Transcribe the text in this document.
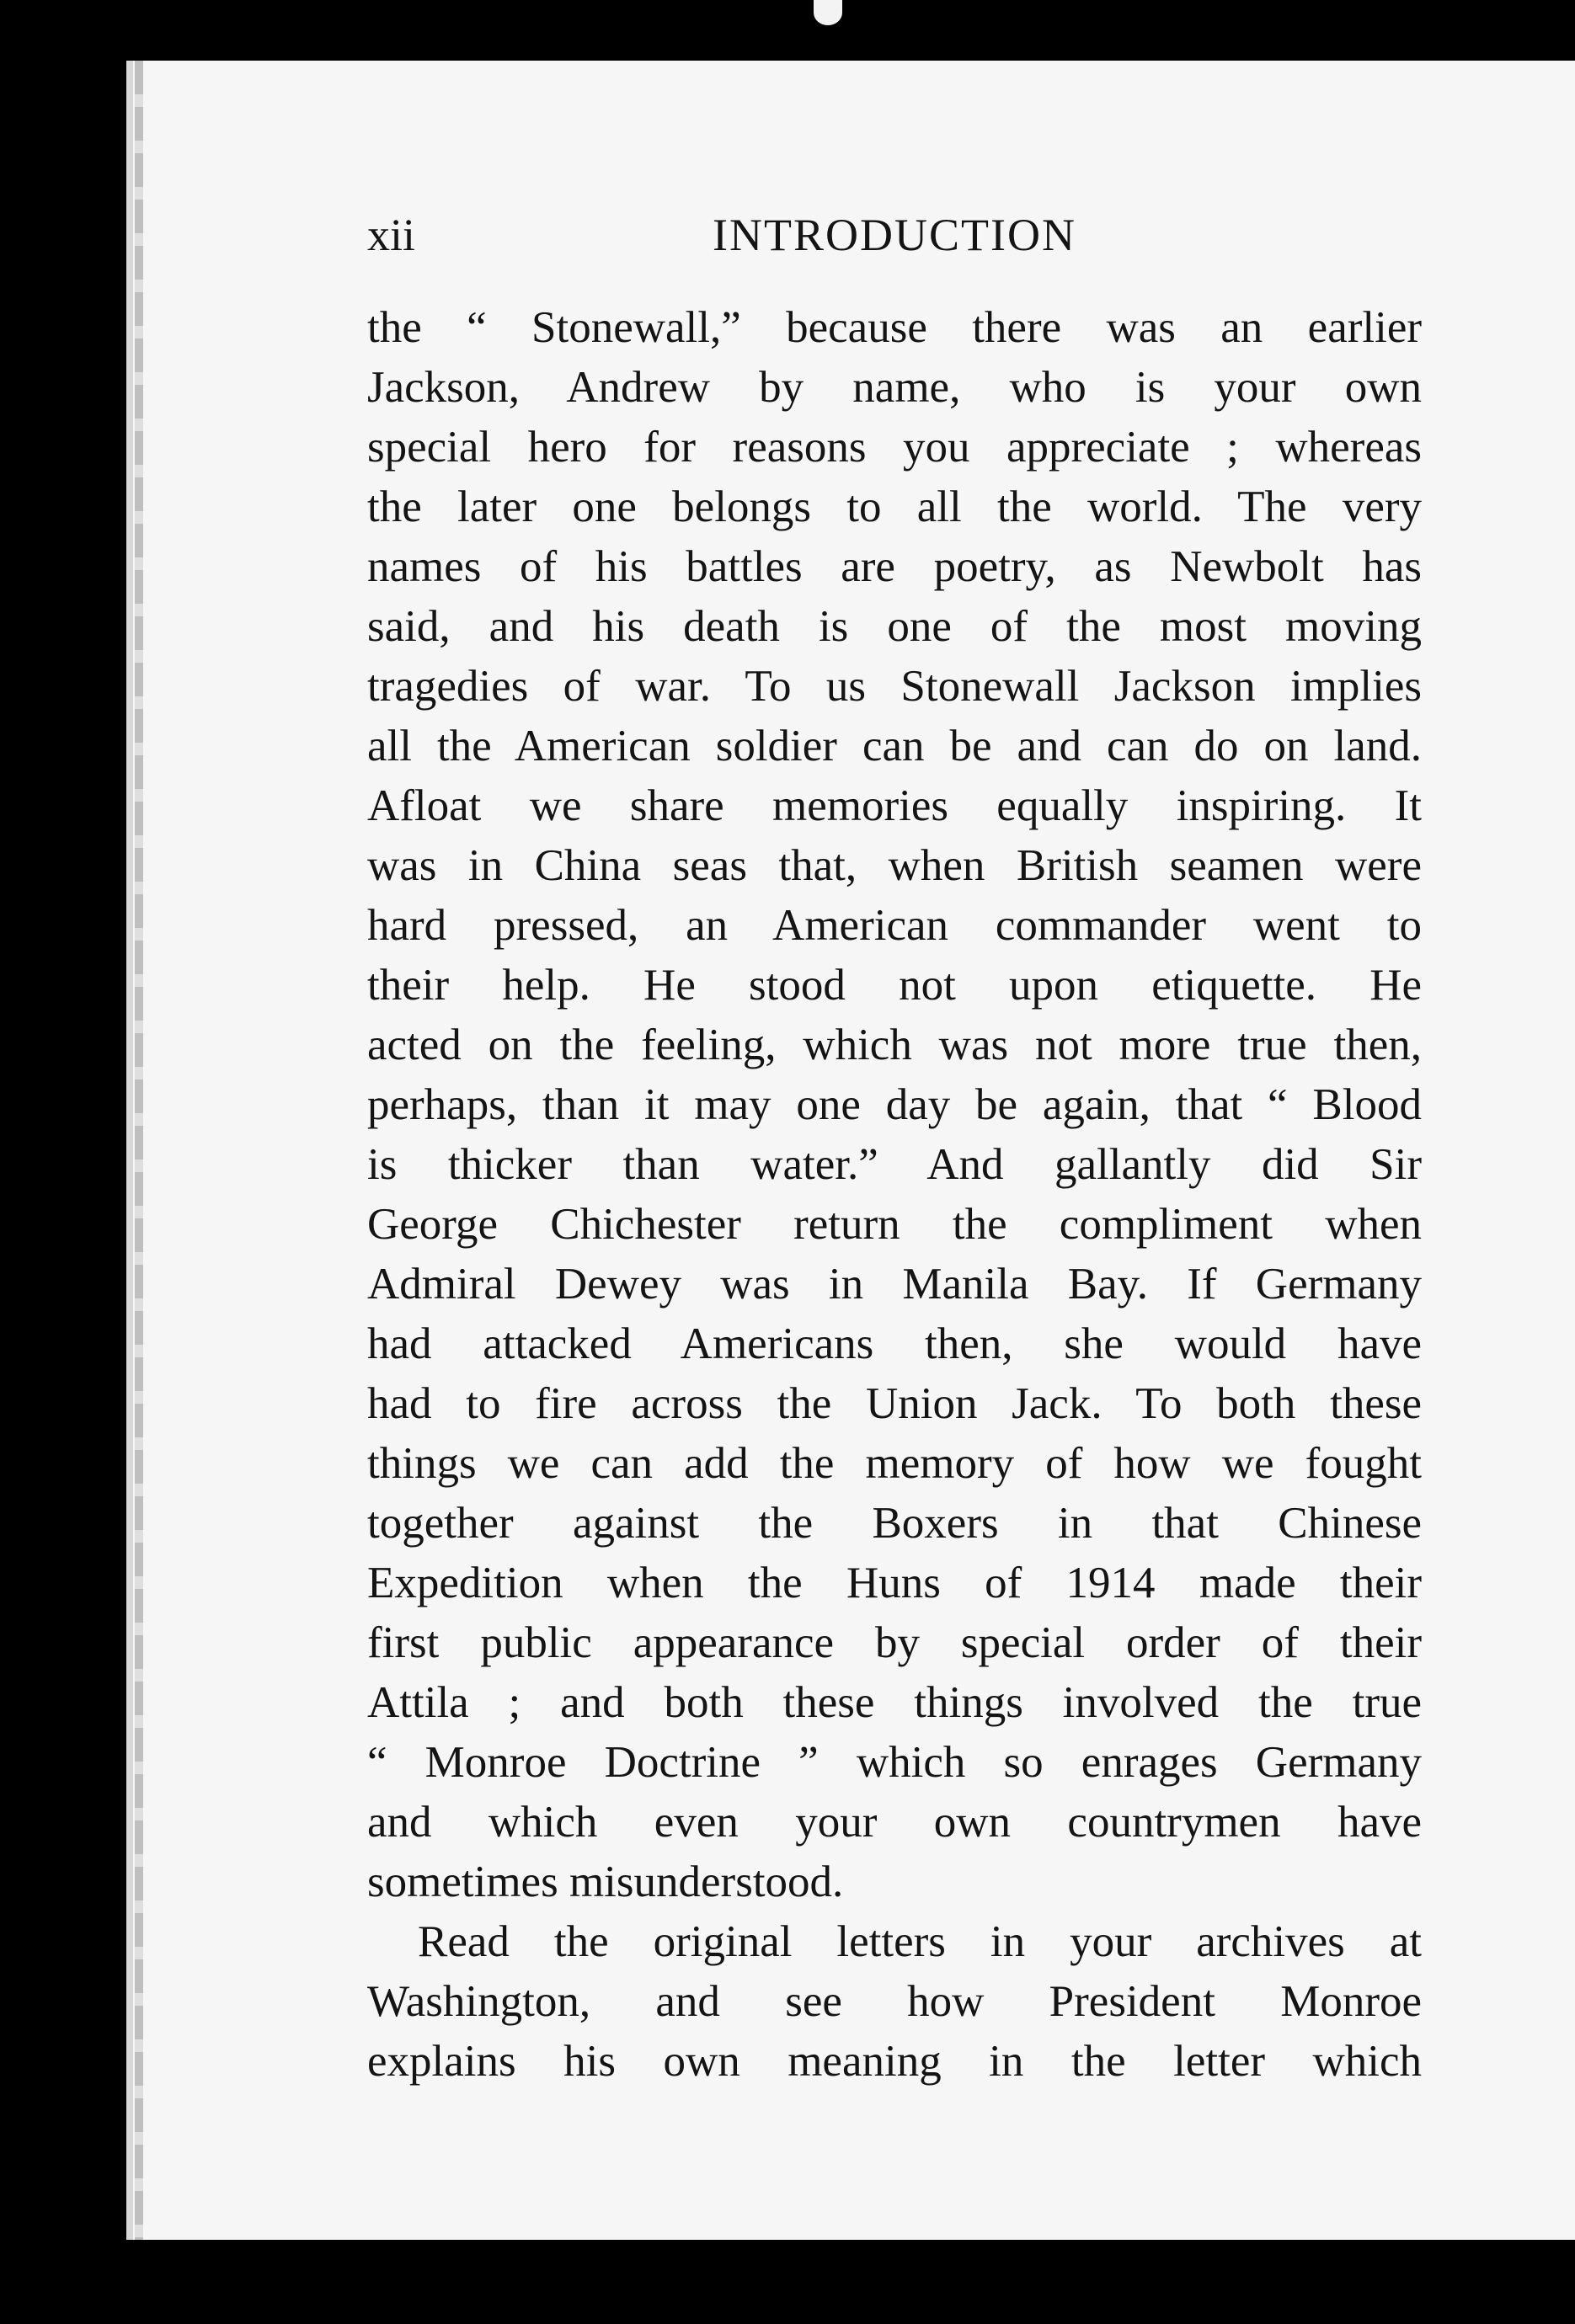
xii	INTRODUCTION

the “ Stonewall,” because there was an earlier
Jackson, Andrew by name, who is your own
special hero for reasons you appreciate ; whereas
the later one belongs to all the world. The very
names of his battles are poetry, as Newbolt has
said, and his death is one of the most moving
tragedies of war. To us Stonewall Jackson implies
all the American soldier can be and can do on land.
Afloat we share memories equally inspiring. It
was in China seas that, when British seamen were
hard pressed, an American commander went to
their help. He stood not upon etiquette. He
acted on the feeling, which was not more true then,
perhaps, than it may one day be again, that “ Blood
is thicker than water.” And gallantly did Sir
George Chichester return the compliment when
Admiral Dewey was in Manila Bay. If Germany
had attacked Americans then, she would have
had to fire across the Union Jack. To both these
things we can add the memory of how we fought
together against the Boxers in that Chinese
Expedition when the Huns of 1914 made their
first public appearance by special order of their
Attila ; and both these things involved the true
“ Monroe Doctrine ” which so enrages Germany
and which even your own countrymen have
sometimes misunderstood.

Read the original letters in your archives at
Washington, and see how President Monroe
explains his own meaning in the letter which
